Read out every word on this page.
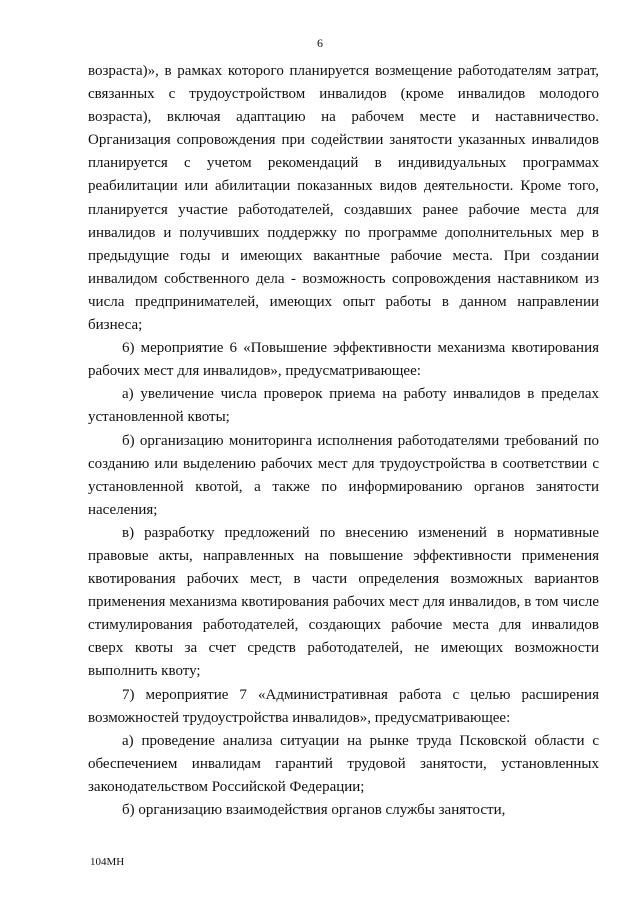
6

возраста)», в рамках которого планируется возмещение работодателям затрат, связанных с трудоустройством инвалидов (кроме инвалидов молодого возраста), включая адаптацию на рабочем месте и наставничество. Организация сопровождения при содействии занятости указанных инвалидов планируется с учетом рекомендаций в индивидуальных программах реабилитации или абилитации показанных видов деятельности. Кроме того, планируется участие работодателей, создавших ранее рабочие места для инвалидов и получивших поддержку по программе дополнительных мер в предыдущие годы и имеющих вакантные рабочие места. При создании инвалидом собственного дела - возможность сопровождения наставником из числа предпринимателей, имеющих опыт работы в данном направлении бизнеса;

6) мероприятие 6 «Повышение эффективности механизма квотирования рабочих мест для инвалидов», предусматривающее:

а) увеличение числа проверок приема на работу инвалидов в пределах установленной квоты;

б) организацию мониторинга исполнения работодателями требований по созданию или выделению рабочих мест для трудоустройства в соответствии с установленной квотой, а также по информированию органов занятости населения;

в) разработку предложений по внесению изменений в нормативные правовые акты, направленных на повышение эффективности применения квотирования рабочих мест, в части определения возможных вариантов применения механизма квотирования рабочих мест для инвалидов, в том числе стимулирования работодателей, создающих рабочие места для инвалидов сверх квоты за счет средств работодателей, не имеющих возможности выполнить квоту;

7) мероприятие 7 «Административная работа с целью расширения возможностей трудоустройства инвалидов», предусматривающее:

а) проведение анализа ситуации на рынке труда Псковской области с обеспечением инвалидам гарантий трудовой занятости, установленных законодательством Российской Федерации;

б) организацию взаимодействия органов службы занятости,

104МН
